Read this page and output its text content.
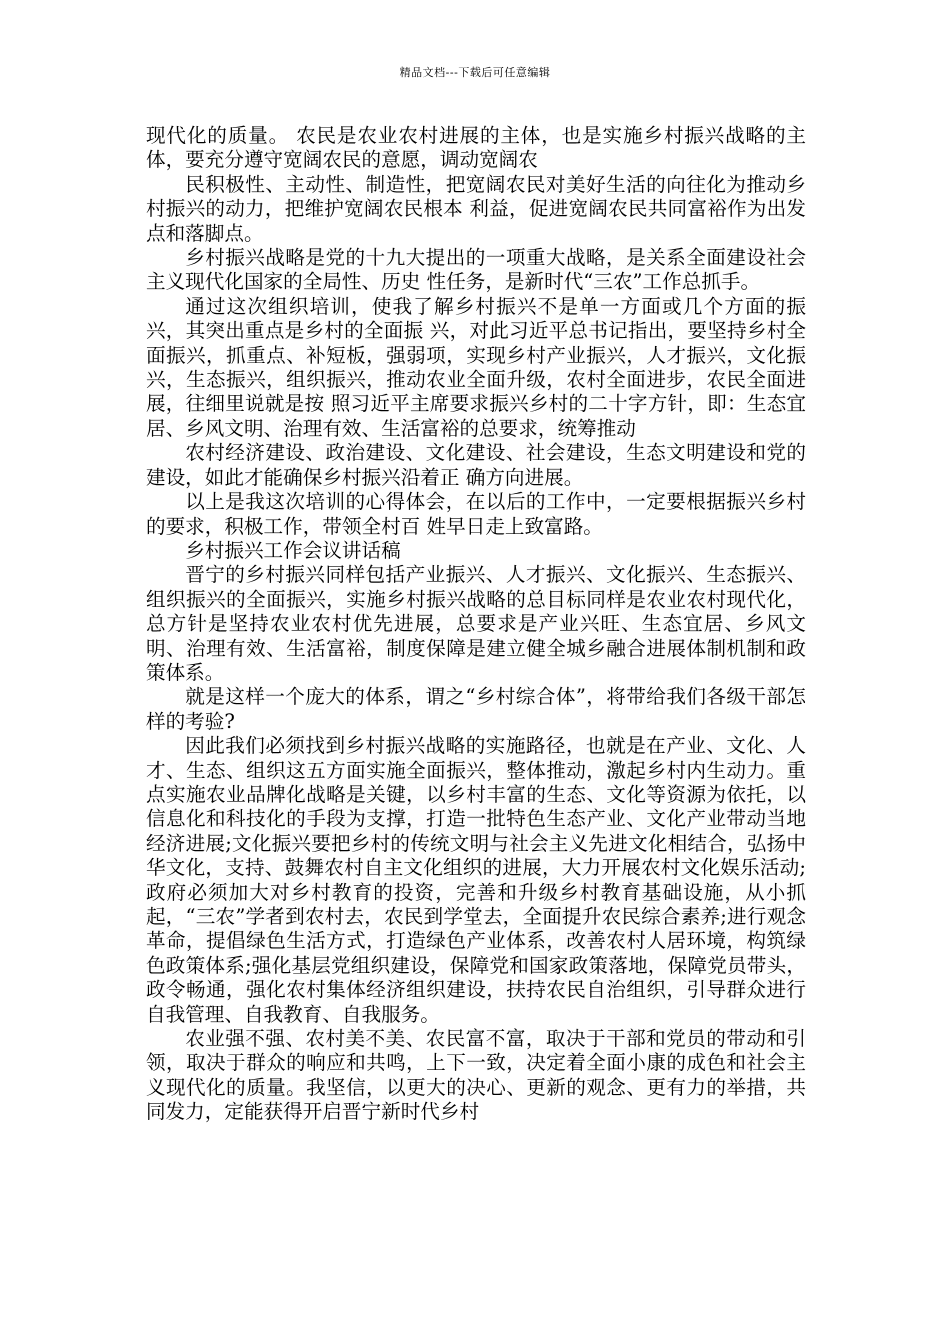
精品文档---下载后可任意编辑

现代化的质量。 农民是农业农村进展的主体，也是实施乡村振兴战略的主体，要充分遵守宽阔农民的意愿，调动宽阔农

民积极性、主动性、制造性，把宽阔农民对美好生活的向往化为推动乡村振兴的动力，把维护宽阔农民根本 利益，促进宽阔农民共同富裕作为出发点和落脚点。

乡村振兴战略是党的十九大提出的一项重大战略，是关系全面建设社会主义现代化国家的全局性、历史 性任务，是新时代“三农”工作总抓手。

通过这次组织培训，使我了解乡村振兴不是单一方面或几个方面的振兴，其突出重点是乡村的全面振 兴，对此习近平总书记指出，要坚持乡村全面振兴，抓重点、补短板，强弱项，实现乡村产业振兴，人才振兴，文化振兴，生态振兴，组织振兴，推动农业全面升级，农村全面进步，农民全面进展，往细里说就是按 照习近平主席要求振兴乡村的二十字方针，即：生态宜居、乡风文明、治理有效、生活富裕的总要求，统筹推动

农村经济建设、政治建设、文化建设、社会建设，生态文明建设和党的建设，如此才能确保乡村振兴沿着正 确方向进展。

以上是我这次培训的心得体会，在以后的工作中，一定要根据振兴乡村的要求，积极工作，带领全村百 姓早日走上致富路。

乡村振兴工作会议讲话稿

晋宁的乡村振兴同样包括产业振兴、人才振兴、文化振兴、生态振兴、组织振兴的全面振兴，实施乡村振兴战略的总目标同样是农业农村现代化，总方针是坚持农业农村优先进展，总要求是产业兴旺、生态宜居、乡风文明、治理有效、生活富裕，制度保障是建立健全城乡融合进展体制机制和政策体系。

就是这样一个庞大的体系，谓之“乡村综合体”，将带给我们各级干部怎样的考验?

因此我们必须找到乡村振兴战略的实施路径，也就是在产业、文化、人才、生态、组织这五方面实施全面振兴，整体推动，激起乡村内生动力。重点实施农业品牌化战略是关键，以乡村丰富的生态、文化等资源为依托，以信息化和科技化的手段为支撑，打造一批特色生态产业、文化产业带动当地经济进展;文化振兴要把乡村的传统文明与社会主义先进文化相结合，弘扬中华文化，支持、鼓舞农村自主文化组织的进展，大力开展农村文化娱乐活动;政府必须加大对乡村教育的投资，完善和升级乡村教育基础设施，从小抓起，“三农”学者到农村去，农民到学堂去，全面提升农民综合素养;进行观念革命，提倡绿色生活方式，打造绿色产业体系，改善农村人居环境，构筑绿色政策体系;强化基层党组织建设，保障党和国家政策落地，保障党员带头，政令畅通，强化农村集体经济组织建设，扶持农民自治组织，引导群众进行自我管理、自我教育、自我服务。

农业强不强、农村美不美、农民富不富，取决于干部和党员的带动和引领，取决于群众的响应和共鸣，上下一致，决定着全面小康的成色和社会主义现代化的质量。我坚信，以更大的决心、更新的观念、更有力的举措，共同发力，定能获得开启晋宁新时代乡村
